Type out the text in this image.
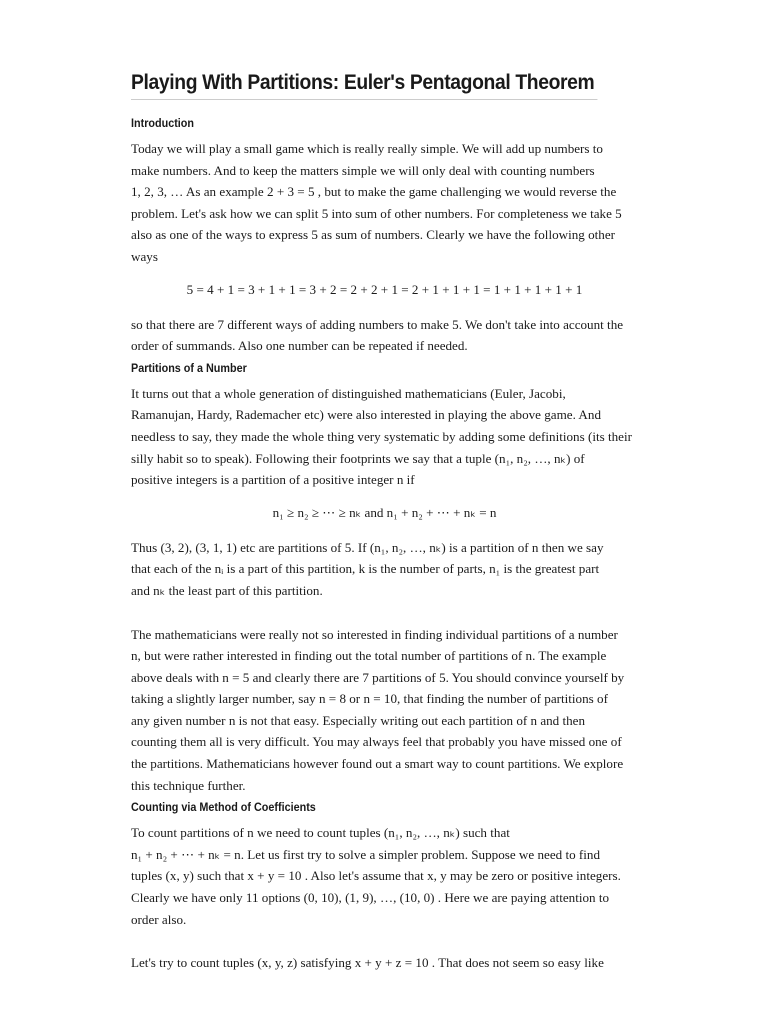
Playing With Partitions: Euler's Pentagonal Theorem
Introduction
Today we will play a small game which is really really simple. We will add up numbers to
make numbers. And to keep the matters simple we will only deal with counting numbers
1, 2, 3, … As an example 2 + 3 = 5 , but to make the game challenging we would reverse the
problem. Let's ask how we can split 5 into sum of other numbers. For completeness we take 5
also as one of the ways to express 5 as sum of numbers. Clearly we have the following other
ways
5 = 4 + 1 = 3 + 1 + 1 = 3 + 2 = 2 + 2 + 1 = 2 + 1 + 1 + 1 = 1 + 1 + 1 + 1 + 1
so that there are 7 different ways of adding numbers to make 5. We don't take into account the
order of summands. Also one number can be repeated if needed.
Partitions of a Number
It turns out that a whole generation of distinguished mathematicians (Euler, Jacobi,
Ramanujan, Hardy, Rademacher etc) were also interested in playing the above game. And
needless to say, they made the whole thing very systematic by adding some definitions (its their
silly habit so to speak). Following their footprints we say that a tuple (n₁, n₂, …, nₖ) of
positive integers is a partition of a positive integer n if
n₁ ≥ n₂ ≥ ⋯ ≥ nₖ and n₁ + n₂ + ⋯ + nₖ = n
Thus (3, 2), (3, 1, 1) etc are partitions of 5. If (n₁, n₂, …, nₖ) is a partition of n then we say
that each of the nᵢ is a part of this partition, k is the number of parts, n₁ is the greatest part
and nₖ the least part of this partition.
The mathematicians were really not so interested in finding individual partitions of a number
n, but were rather interested in finding out the total number of partitions of n. The example
above deals with n = 5 and clearly there are 7 partitions of 5. You should convince yourself by
taking a slightly larger number, say n = 8 or n = 10, that finding the number of partitions of
any given number n is not that easy. Especially writing out each partition of n and then
counting them all is very difficult. You may always feel that probably you have missed one of
the partitions. Mathematicians however found out a smart way to count partitions. We explore
this technique further.
Counting via Method of Coefficients
To count partitions of n we need to count tuples (n₁, n₂, …, nₖ) such that
n₁ + n₂ + ⋯ + nₖ = n. Let us first try to solve a simpler problem. Suppose we need to find
tuples (x, y) such that x + y = 10 . Also let's assume that x, y may be zero or positive integers.
Clearly we have only 11 options (0, 10), (1, 9), …, (10, 0) . Here we are paying attention to
order also.
Let's try to count tuples (x, y, z) satisfying x + y + z = 10 . That does not seem so easy like
